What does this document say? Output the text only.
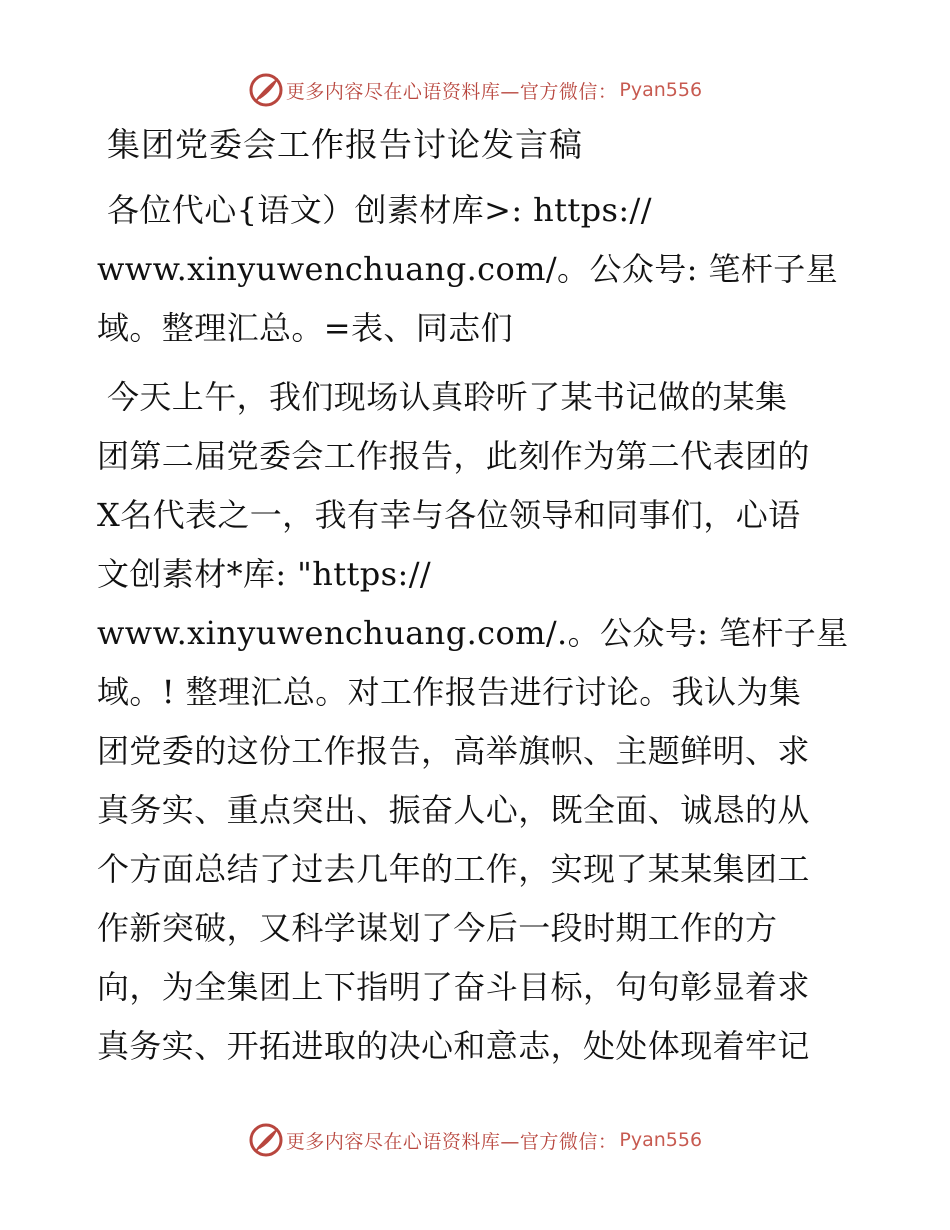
更多内容尽在心语资料库—官方微信： Pyan556
集团党委会工作报告讨论发言稿
各位代心{语文）创素材库>: https://
www.xinyuwenchuang.com/。公众号: 笔杆子星
域。整理汇总。=表、同志们
今天上午，我们现场认真聆听了某书记做的某集
团第二届党委会工作报告，此刻作为第二代表团的
X名代表之一，我有幸与各位领导和同事们，心语
文创素材*库: "https://
www.xinyuwenchuang.com/.。公众号: 笔杆子星
域。! 整理汇总。对工作报告进行讨论。我认为集
团党委的这份工作报告，高举旗帜、主题鲜明、求
真务实、重点突出、振奋人心，既全面、诚恳的从
个方面总结了过去几年的工作，实现了某某集团工
作新突破，又科学谋划了今后一段时期工作的方
向，为全集团上下指明了奋斗目标，句句彰显着求
真务实、开拓进取的决心和意志，处处体现着牢记
更多内容尽在心语资料库—官方微信： Pyan556
